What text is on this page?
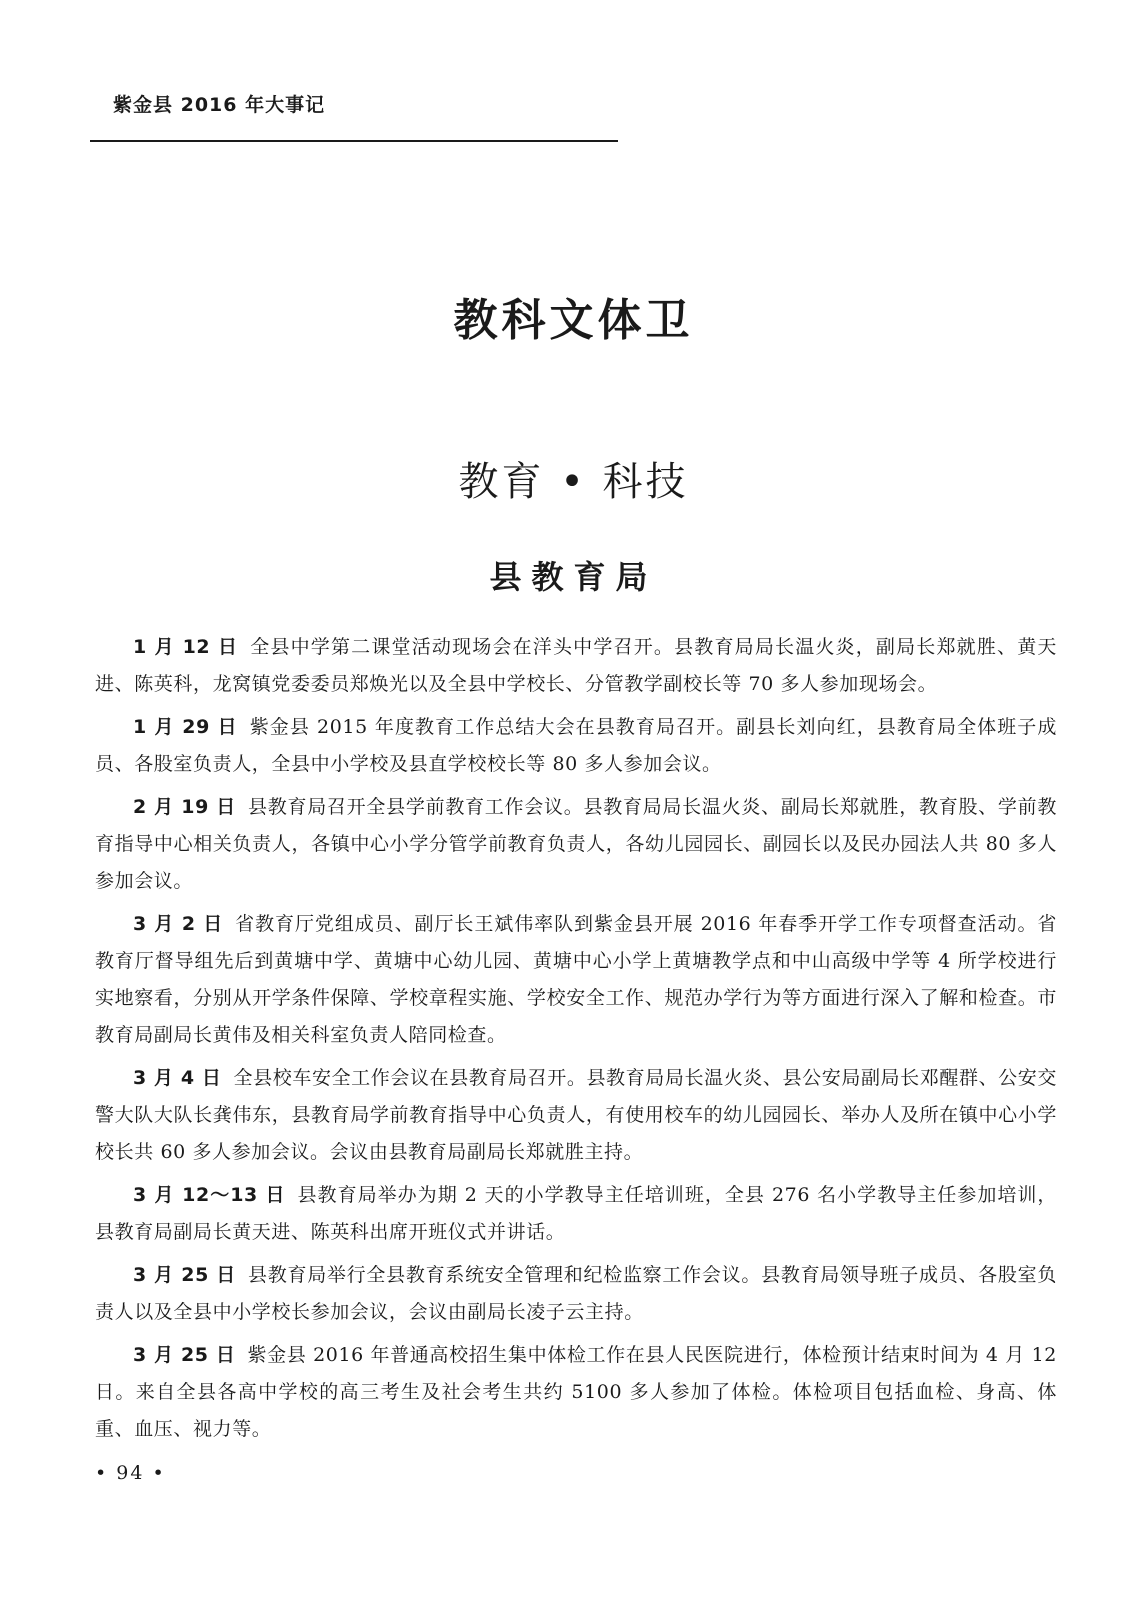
紫金县 2016 年大事记
教科文体卫
教育 • 科技
县教育局

1 月 12 日 全县中学第二课堂活动现场会在洋头中学召开。县教育局局长温火炎，副局长郑就胜、黄天进、陈英科，龙窝镇党委委员郑焕光以及全县中学校长、分管教学副校长等 70 多人参加现场会。

1 月 29 日 紫金县 2015 年度教育工作总结大会在县教育局召开。副县长刘向红，县教育局全体班子成员、各股室负责人，全县中小学校及县直学校校长等 80 多人参加会议。

2 月 19 日 县教育局召开全县学前教育工作会议。县教育局局长温火炎、副局长郑就胜，教育股、学前教育指导中心相关负责人，各镇中心小学分管学前教育负责人，各幼儿园园长、副园长以及民办园法人共 80 多人参加会议。

3 月 2 日 省教育厅党组成员、副厅长王斌伟率队到紫金县开展 2016 年春季开学工作专项督查活动。省教育厅督导组先后到黄塘中学、黄塘中心幼儿园、黄塘中心小学上黄塘教学点和中山高级中学等 4 所学校进行实地察看，分别从开学条件保障、学校章程实施、学校安全工作、规范办学行为等方面进行深入了解和检查。市教育局副局长黄伟及相关科室负责人陪同检查。

3 月 4 日 全县校车安全工作会议在县教育局召开。县教育局局长温火炎、县公安局副局长邓醒群、公安交警大队大队长龚伟东，县教育局学前教育指导中心负责人，有使用校车的幼儿园园长、举办人及所在镇中心小学校长共 60 多人参加会议。会议由县教育局副局长郑就胜主持。

3 月 12～13 日 县教育局举办为期 2 天的小学教导主任培训班，全县 276 名小学教导主任参加培训，县教育局副局长黄天进、陈英科出席开班仪式并讲话。

3 月 25 日 县教育局举行全县教育系统安全管理和纪检监察工作会议。县教育局领导班子成员、各股室负责人以及全县中小学校长参加会议，会议由副局长凌子云主持。

3 月 25 日 紫金县 2016 年普通高校招生集中体检工作在县人民医院进行，体检预计结束时间为 4 月 12 日。来自全县各高中学校的高三考生及社会考生共约 5100 多人参加了体检。体检项目包括血检、身高、体重、血压、视力等。

• 94 •
